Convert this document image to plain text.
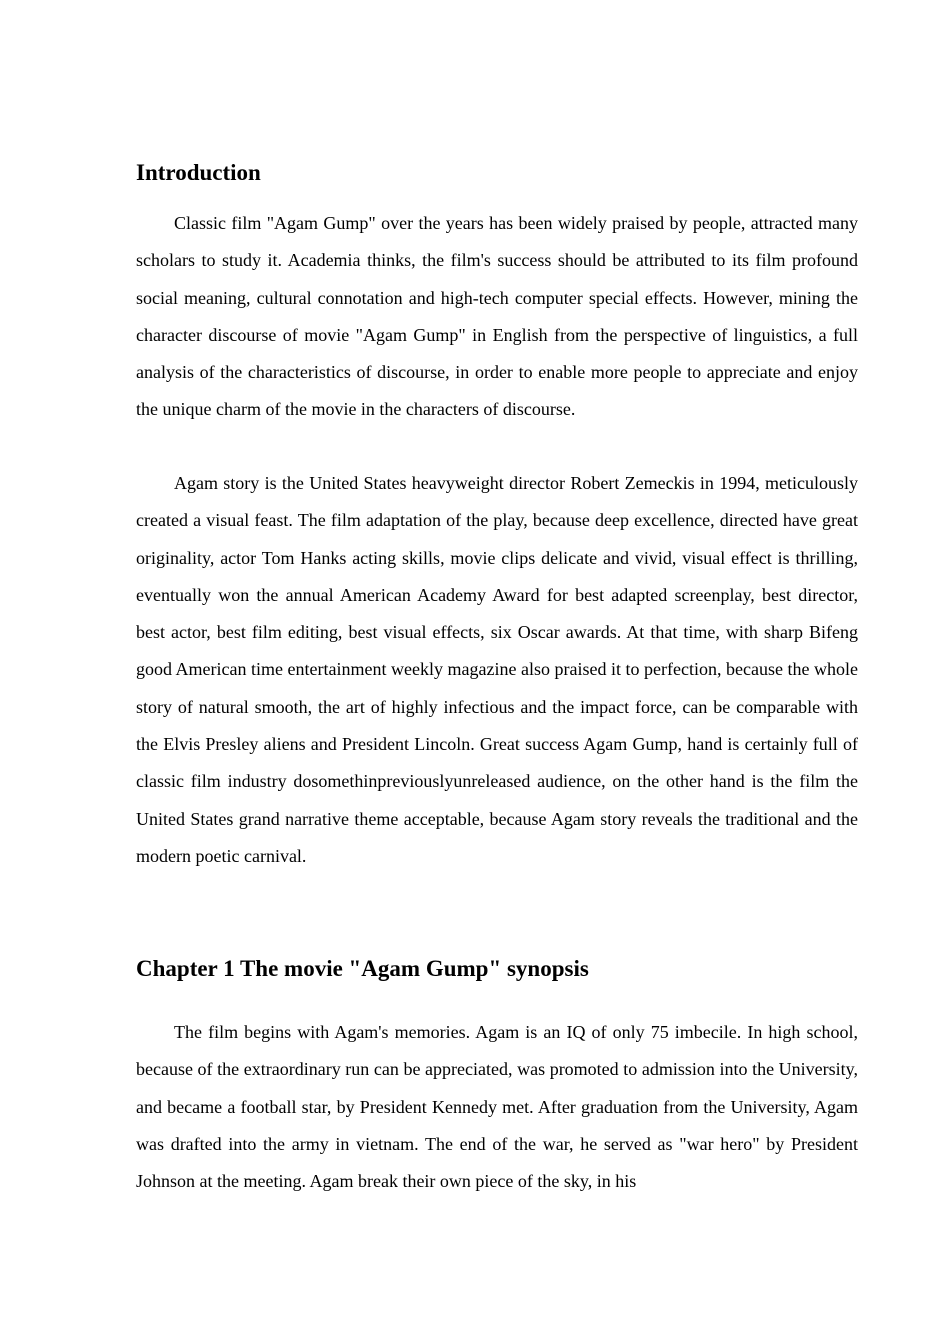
Introduction

Classic film "Agam Gump" over the years has been widely praised by people, attracted many scholars to study it. Academia thinks, the film's success should be attributed to its film profound social meaning, cultural connotation and high-tech computer special effects. However, mining the character discourse of movie "Agam Gump" in English from the perspective of linguistics, a full analysis of the characteristics of discourse, in order to enable more people to appreciate and enjoy the unique charm of the movie in the characters of discourse.

Agam story is the United States heavyweight director Robert Zemeckis in 1994, meticulously created a visual feast. The film adaptation of the play, because deep excellence, directed have great originality, actor Tom Hanks acting skills, movie clips delicate and vivid, visual effect is thrilling, eventually won the annual American Academy Award for best adapted screenplay, best director, best actor, best film editing, best visual effects, six Oscar awards. At that time, with sharp Bifeng good American time entertainment weekly magazine also praised it to perfection, because the whole story of natural smooth, the art of highly infectious and the impact force, can be comparable with the Elvis Presley aliens and President Lincoln. Great success Agam Gump, hand is certainly full of classic film industry dosomethinpreviouslyunreleased audience, on the other hand is the film the United States grand narrative theme acceptable, because Agam story reveals the traditional and the modern poetic carnival.

Chapter 1 The movie "Agam Gump" synopsis

The film begins with Agam's memories. Agam is an IQ of only 75 imbecile. In high school, because of the extraordinary run can be appreciated, was promoted to admission into the University, and became a football star, by President Kennedy met. After graduation from the University, Agam was drafted into the army in vietnam. The end of the war, he served as "war hero" by President Johnson at the meeting. Agam break their own piece of the sky, in his
